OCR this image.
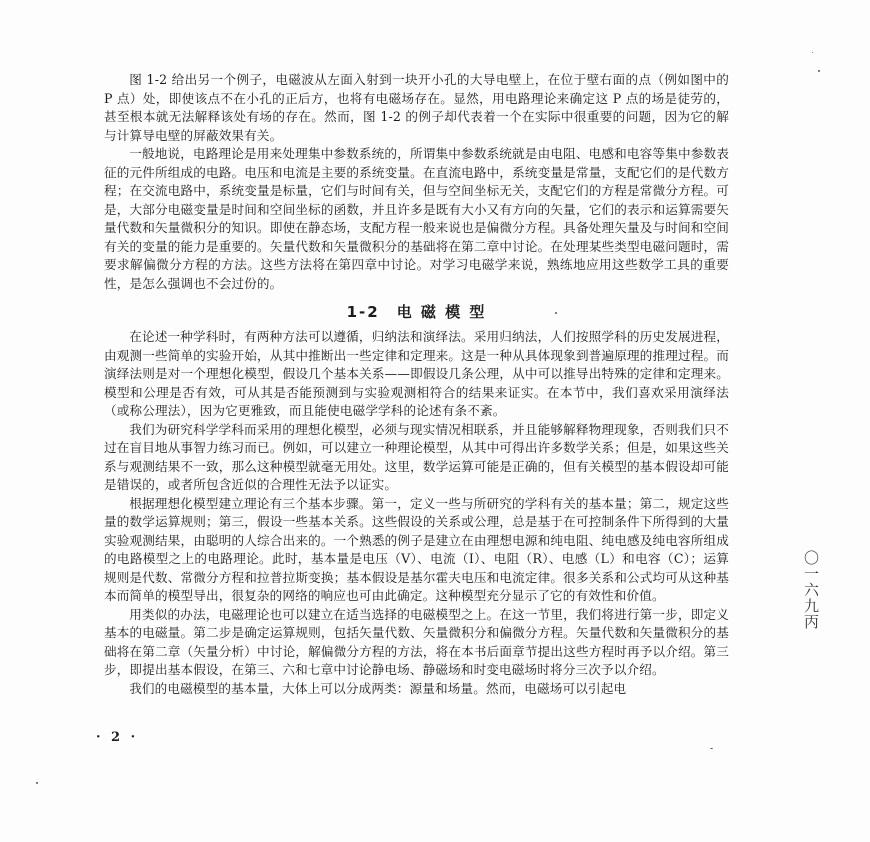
图 1-2 给出另一个例子，电磁波从左面入射到一块开小孔的大导电壁上，在位于壁右面的点（例如图中的 P 点）处，即使该点不在小孔的正后方，也将有电磁场存在。显然，用电路理论来确定这 P 点的场是徒劳的，甚至根本就无法解释该处有场的存在。然而，图 1-2 的例子却代表着一个在实际中很重要的问题，因为它的解与计算导电壁的屏蔽效果有关。

一般地说，电路理论是用来处理集中参数系统的，所谓集中参数系统就是由电阻、电感和电容等集中参数表征的元件所组成的电路。电压和电流是主要的系统变量。在直流电路中，系统变量是常量，支配它们的是代数方程；在交流电路中，系统变量是标量，它们与时间有关，但与空间坐标无关，支配它们的方程是常微分方程。可是，大部分电磁变量是时间和空间坐标的函数，并且许多是既有大小又有方向的矢量，它们的表示和运算需要矢量代数和矢量微积分的知识。即使在静态场，支配方程一般来说也是偏微分方程。具备处理矢量及与时间和空间有关的变量的能力是重要的。矢量代数和矢量微积分的基础将在第二章中讨论。在处理某些类型电磁问题时，需要求解偏微分方程的方法。这些方法将在第四章中讨论。对学习电磁学来说，熟练地应用这些数学工具的重要性，是怎么强调也不会过份的。

1-2　电 磁 模 型

在论述一种学科时，有两种方法可以遵循，归纳法和演绎法。采用归纳法，人们按照学科的历史发展进程，由观测一些简单的实验开始，从其中推断出一些定律和定理来。这是一种从具体现象到普遍原理的推理过程。而演绎法则是对一个理想化模型，假设几个基本关系——即假设几条公理，从中可以推导出特殊的定律和定理来。模型和公理是否有效，可从其是否能预测到与实验观测相符合的结果来证实。在本节中，我们喜欢采用演绎法（或称公理法），因为它更雅致，而且能使电磁学学科的论述有条不紊。

我们为研究科学学科而采用的理想化模型，必须与现实情况相联系，并且能够解释物理现象，否则我们只不过在盲目地从事智力练习而已。例如，可以建立一种理论模型，从其中可得出许多数学关系；但是，如果这些关系与观测结果不一致，那么这种模型就毫无用处。这里，数学运算可能是正确的，但有关模型的基本假设却可能是错误的，或者所包含近似的合理性无法予以证实。

根据理想化模型建立理论有三个基本步骤。第一，定义一些与所研究的学科有关的基本量；第二，规定这些量的数学运算规则；第三，假设一些基本关系。这些假设的关系或公理，总是基于在可控制条件下所得到的大量实验观测结果，由聪明的人综合出来的。一个熟悉的例子是建立在由理想电源和纯电阻、纯电感及纯电容所组成的电路模型之上的电路理论。此时，基本量是电压（V）、电流（I）、电阻（R）、电感（L）和电容（C）；运算规则是代数、常微分方程和拉普拉斯变换；基本假设是基尔霍夫电压和电流定律。很多关系和公式均可从这种基本而简单的模型导出，很复杂的网络的响应也可由此确定。这种模型充分显示了它的有效性和价值。

用类似的办法，电磁理论也可以建立在适当选择的电磁模型之上。在这一节里，我们将进行第一步，即定义基本的电磁量。第二步是确定运算规则，包括矢量代数、矢量微积分和偏微分方程。矢量代数和矢量微积分的基础将在第二章（矢量分析）中讨论，解偏微分方程的方法，将在本书后面章节提出这些方程时再予以介绍。第三步，即提出基本假设，在第三、六和七章中讨论静电场、静磁场和时变电磁场时将分三次予以介绍。

我们的电磁模型的基本量，大体上可以分成两类：源量和场量。然而，电磁场可以引起电

· 2 ·
〇一六九丙
